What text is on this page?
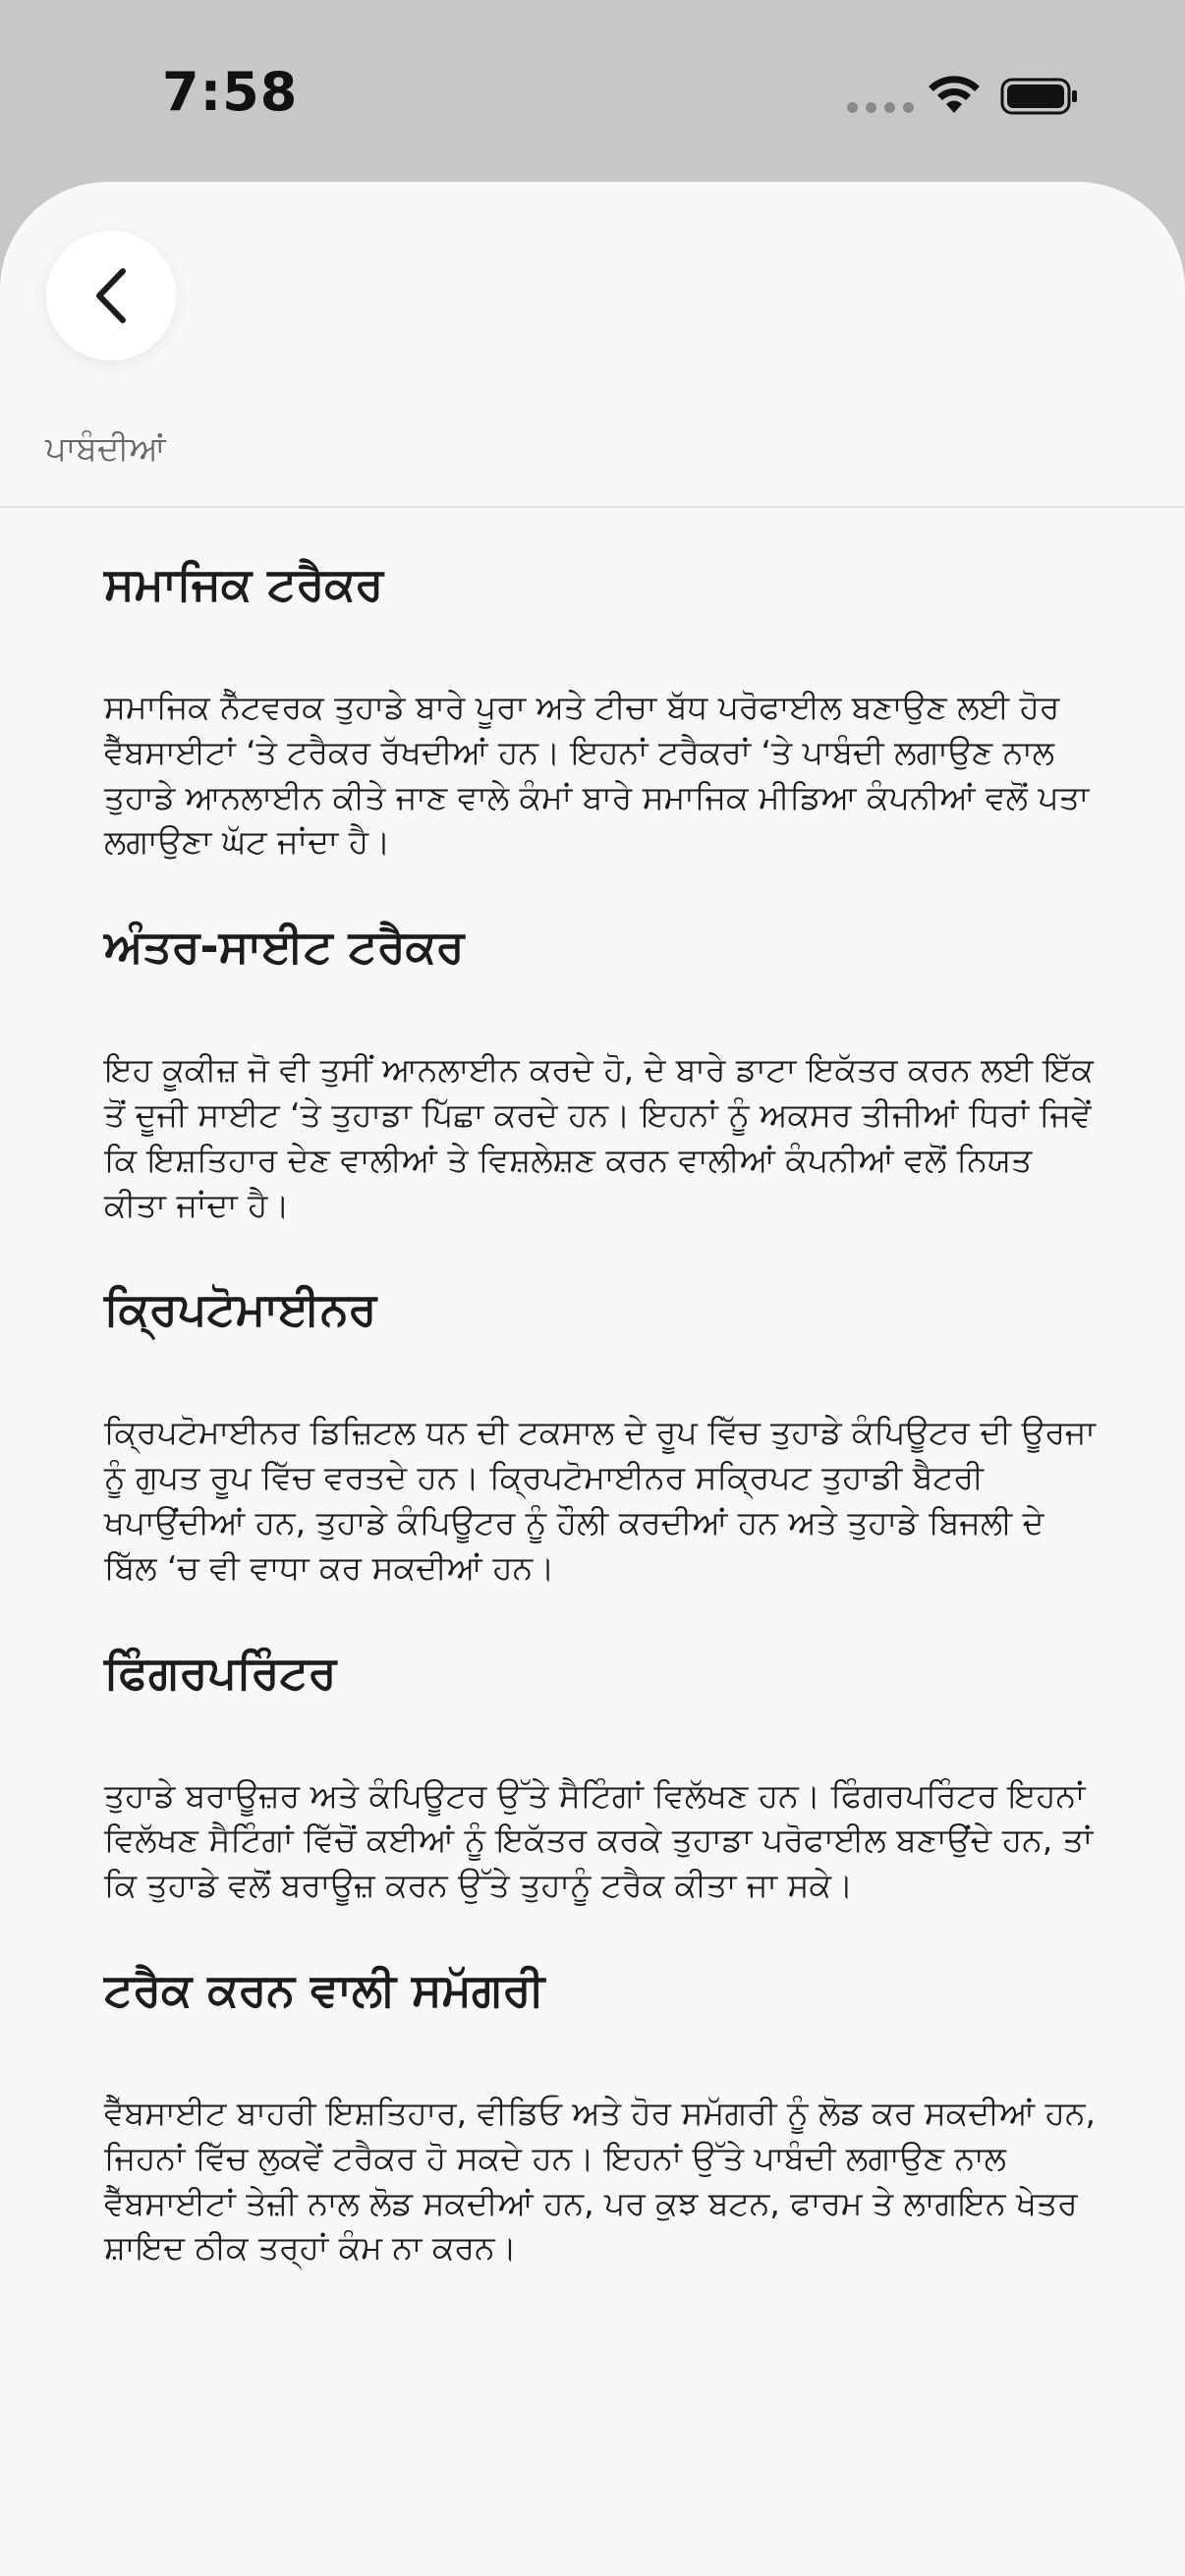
7:58
ਪਾਬੰਦੀਆਂ
ਸਮਾਜਿਕ ਟਰੈਕਰ

ਸਮਾਜਿਕ ਨੈੱਟਵਰਕ ਤੁਹਾਡੇ ਬਾਰੇ ਪੂਰਾ ਅਤੇ ਟੀਚਾ ਬੱਧ ਪਰੋਫਾਈਲ ਬਣਾਉਣ ਲਈ ਹੋਰ ਵੈੱਬਸਾਈਟਾਂ ‘ਤੇ ਟਰੈਕਰ ਰੱਖਦੀਆਂ ਹਨ। ਇਹਨਾਂ ਟਰੈਕਰਾਂ ‘ਤੇ ਪਾਬੰਦੀ ਲਗਾਉਣ ਨਾਲ ਤੁਹਾਡੇ ਆਨਲਾਈਨ ਕੀਤੇ ਜਾਣ ਵਾਲੇ ਕੰਮਾਂ ਬਾਰੇ ਸਮਾਜਿਕ ਮੀਡਿਆ ਕੰਪਨੀਆਂ ਵਲੋਂ ਪਤਾ ਲਗਾਉਣਾ ਘੱਟ ਜਾਂਦਾ ਹੈ।

ਅੰਤਰ-ਸਾਈਟ ਟਰੈਕਰ

ਇਹ ਕੂਕੀਜ਼ ਜੋ ਵੀ ਤੁਸੀਂ ਆਨਲਾਈਨ ਕਰਦੇ ਹੋ, ਦੇ ਬਾਰੇ ਡਾਟਾ ਇਕੱਤਰ ਕਰਨ ਲਈ ਇੱਕ ਤੋਂ ਦੂਜੀ ਸਾਈਟ ‘ਤੇ ਤੁਹਾਡਾ ਪਿੱਛਾ ਕਰਦੇ ਹਨ। ਇਹਨਾਂ ਨੂੰ ਅਕਸਰ ਤੀਜੀਆਂ ਧਿਰਾਂ ਜਿਵੇਂ ਕਿ ਇਸ਼ਤਿਹਾਰ ਦੇਣ ਵਾਲੀਆਂ ਤੇ ਵਿਸ਼ਲੇਸ਼ਣ ਕਰਨ ਵਾਲੀਆਂ ਕੰਪਨੀਆਂ ਵਲੋਂ ਨਿਯਤ ਕੀਤਾ ਜਾਂਦਾ ਹੈ।

ਕ੍ਰਿਪਟੋਮਾਈਨਰ

ਕ੍ਰਿਪਟੋਮਾਈਨਰ ਡਿਜ਼ਿਟਲ ਧਨ ਦੀ ਟਕਸਾਲ ਦੇ ਰੂਪ ਵਿੱਚ ਤੁਹਾਡੇ ਕੰਪਿਊਟਰ ਦੀ ਊਰਜਾ ਨੂੰ ਗੁਪਤ ਰੂਪ ਵਿੱਚ ਵਰਤਦੇ ਹਨ। ਕ੍ਰਿਪਟੋਮਾਈਨਰ ਸਕ੍ਰਿਪਟ ਤੁਹਾਡੀ ਬੈਟਰੀ ਖਪਾਉਂਦੀਆਂ ਹਨ, ਤੁਹਾਡੇ ਕੰਪਿਊਟਰ ਨੂੰ ਹੌਲੀ ਕਰਦੀਆਂ ਹਨ ਅਤੇ ਤੁਹਾਡੇ ਬਿਜਲੀ ਦੇ ਬਿੱਲ ‘ਚ ਵੀ ਵਾਧਾ ਕਰ ਸਕਦੀਆਂ ਹਨ।

ਫਿੰਗਰਪਰਿੰਟਰ

ਤੁਹਾਡੇ ਬਰਾਊਜ਼ਰ ਅਤੇ ਕੰਪਿਊਟਰ ਉੱਤੇ ਸੈਟਿੰਗਾਂ ਵਿਲੱਖਣ ਹਨ। ਫਿੰਗਰਪਰਿੰਟਰ ਇਹਨਾਂ ਵਿਲੱਖਣ ਸੈਟਿੰਗਾਂ ਵਿੱਚੋਂ ਕਈਆਂ ਨੂੰ ਇਕੱਤਰ ਕਰਕੇ ਤੁਹਾਡਾ ਪਰੋਫਾਈਲ ਬਣਾਉਂਦੇ ਹਨ, ਤਾਂ ਕਿ ਤੁਹਾਡੇ ਵਲੋਂ ਬਰਾਊਜ਼ ਕਰਨ ਉੱਤੇ ਤੁਹਾਨੂੰ ਟਰੈਕ ਕੀਤਾ ਜਾ ਸਕੇ।

ਟਰੈਕ ਕਰਨ ਵਾਲੀ ਸਮੱਗਰੀ

ਵੈੱਬਸਾਈਟ ਬਾਹਰੀ ਇਸ਼ਤਿਹਾਰ, ਵੀਡਿਓ ਅਤੇ ਹੋਰ ਸਮੱਗਰੀ ਨੂੰ ਲੋਡ ਕਰ ਸਕਦੀਆਂ ਹਨ, ਜਿਹਨਾਂ ਵਿੱਚ ਲੁਕਵੇਂ ਟਰੈਕਰ ਹੋ ਸਕਦੇ ਹਨ। ਇਹਨਾਂ ਉੱਤੇ ਪਾਬੰਦੀ ਲਗਾਉਣ ਨਾਲ ਵੈੱਬਸਾਈਟਾਂ ਤੇਜ਼ੀ ਨਾਲ ਲੋਡ ਸਕਦੀਆਂ ਹਨ, ਪਰ ਕੁਝ ਬਟਨ, ਫਾਰਮ ਤੇ ਲਾਗਇਨ ਖੇਤਰ ਸ਼ਾਇਦ ਠੀਕ ਤਰ੍ਹਾਂ ਕੰਮ ਨਾ ਕਰਨ।
